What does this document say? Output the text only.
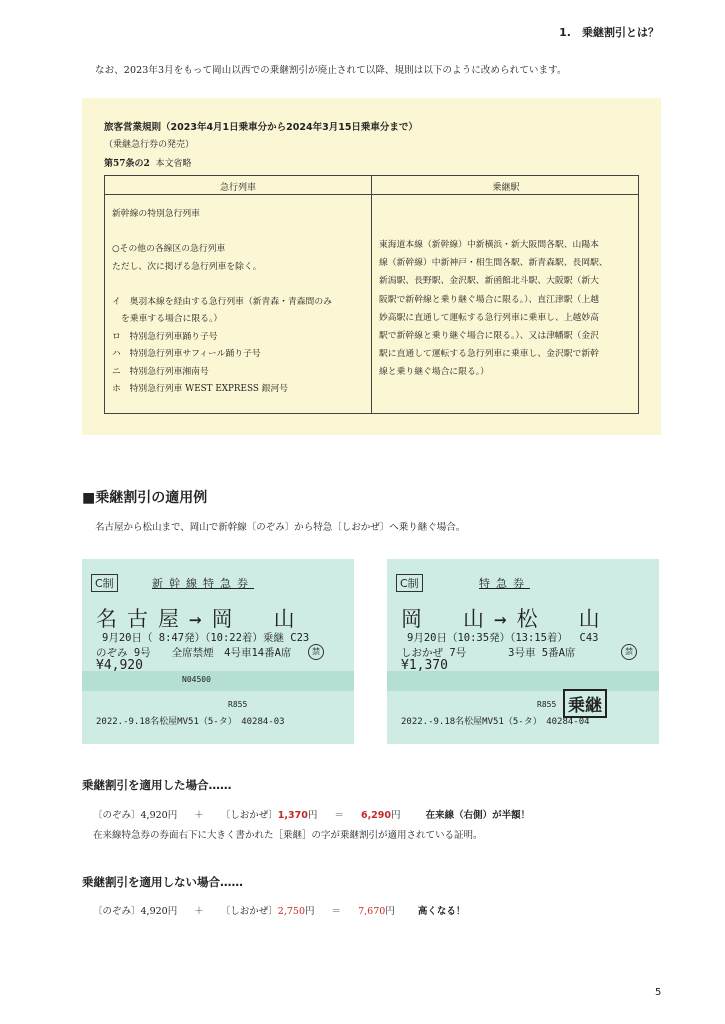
1.　乗継割引とは？
なお、2023年3月をもって岡山以西での乗継割引が廃止されて以降、規則は以下のように改められています。
旅客営業規則（2023年4月1日乗車分から2024年3月15日乗車分まで）
（乗継急行券の発売）
第57条の2 本文省略
急行列車	乗継駅
新幹線の特別急行列車

○その他の各線区の急行列車
ただし、次に掲げる急行列車を除く。

イ　奥羽本線を経由する急行列車（新青森・青森間のみ
を乗車する場合に限る。）
ロ　特別急行列車踊り子号
ハ　特別急行列車サフィール踊り子号
ニ　特別急行列車湘南号
ホ　特別急行列車 WEST EXPRESS 銀河号
東海道本線（新幹線）中新横浜・新大阪間各駅、山陽本
線（新幹線）中新神戸・相生間各駅、新青森駅、長岡駅、
新潟駅、長野駅、金沢駅、新函館北斗駅、大阪駅（新大
阪駅で新幹線と乗り継ぐ場合に限る。）、直江津駅（上越
妙高駅に直通して運転する急行列車に乗車し、上越妙高
駅で新幹線と乗り継ぐ場合に限る。）、又は津幡駅（金沢
駅に直通して運転する急行列車に乗車し、金沢駅で新幹
線と乗り継ぐ場合に限る。）
■乗継割引の適用例
名古屋から松山まで、岡山で新幹線〔のぞみ〕から特急〔しおかぜ〕へ乗り継ぐ場合。
C制	新幹線特急券
名古屋→岡　山
9月20日（ 8:47発）（10:22着）乗継 C23
のぞみ 9号　　全席禁煙　4号車14番A席	禁
¥4,920
N04500
R855
2022.-9.18名松屋MV51（5-タ）　40284-03
C制	特急券
岡　山→松　山
9月20日（10:35発）（13:15着）　 C43
しおかぜ 7号　　　　3号車 5番A席	禁
¥1,370
R855 乗継
2022.-9.18名松屋MV51（5-タ）　40284-04
乗継割引を適用した場合……
〔のぞみ〕4,920円 ＋ 〔しおかぜ〕1,370円 ＝ 6,290円	在来線（右側）が半額！
在来線特急券の券面右下に大きく書かれた［乗継］の字が乗継割引が適用されている証明。
乗継割引を適用しない場合……
〔のぞみ〕4,920円 ＋ 〔しおかぜ〕2,750円 ＝ 7,670円 高くなる！
5
